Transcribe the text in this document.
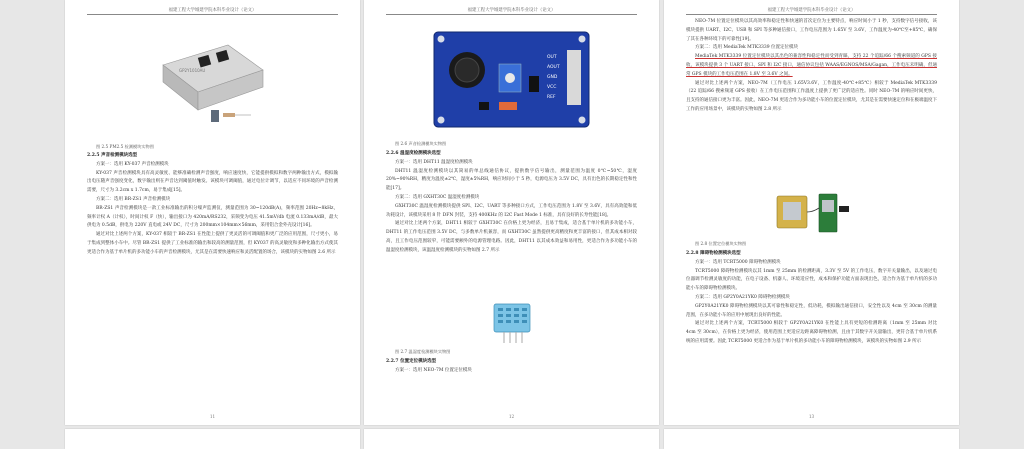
福建工程大学城建学院本科毕业设计（论文）
GP2Y1010AU

图 2.5 PM2.5 检测模块实物图

2.2.5 声音检测模块选型

方案一：选用 KY-037 声音检测模块

KY-037 声音检测模块具有高灵敏度、能够准确检测声音强度，响应速度快，它能提供模拟和数字两种输出方式，模拟输出电压随声音强度变化，数字输出则在声音达到阈值时触发。该模块可调阈值，通过电位计调节，以适应不同环境的声音检测需要，尺寸为 3.2cm x 1.7cm，易于集成[15]。

方案二：选用 BR-ZS1 声音检测模块

BR-ZS1 声音检测模块是一款工业标准输出的积分噪声监测仪，测量范围为 30~120dB(A)，频率范围 20Hz~8kHz，频率计权 A（计权），时间计权 F（快），输出接口为 420mA/RS232，采频变为电压 41.5mV/db 电流 0.133mA/dB，最大供电为 0.5dB，供电为 220V 直电或 24V DC，尺寸为 200mm×104mm×56mm，采用铝合金外壳设计[16]。

通过对比上述两个方案，KY-037 相较于 BR-ZS1 在性能上提供了更灵活的可调阈值和更广泛的应用范围，尺寸更小，易于集成到整体小车中。尽管 BR-ZS1 提供了工业标准的输出和较高的测量范围，但 KY037 的高灵敏度和多种化输出方式使其更适合作为基于单片机的多功能小车的声音检测模块，尤其是在需要快速响应和灵活配置的场合，该模块的实物如图 2.6 所示

11
福建工程大学城建学院本科毕业设计（论文）
OUT
AOUT
GND
VCC
REF

图 2.6 声音检测模块实物图

2.2.6 温湿度检测模块选型

方案一：选用 DHT11 温湿度检测模块

DHT11 温湿度检测模块以其简易的单总线通信协议，提供数字信号输出，测量范围为温度 0℃~50℃，湿度 20%~90%RH，精度为温度±2℃，湿度±5%RH，响应时间小于 5 秒，电源电压为 3.5V DC，具有出色的长期稳定性和性能[17]。

方案二：选用 GXHT30C 温湿度检测模块

GXHT30C 温湿度检测模块提供 SPI、I2C、UART 等多种接口方式，工作电压范围为 1.8V 至 3.6V，具有高效能和低功耗设计，该模块采用 8 针 DFN 封装，支持 400KHz 的 I2C Fast Mode 1 标准，具有良好的长寿性能[18]。

通过对比上述两个方案，DHT11 相较于 GXHT30C 在价格上更为经济，且易于集成，适合基于单片机的多功能小车，DHT11 的工作电压范围 3.5V DC，与多数单片机兼容，而 GXHT30C 虽然提供更高精度和更丰富的接口，但其成本相对较高，且工作电压范围较窄，可能需要额外的电源管理电路。因此，DHT11 以其成本效益和易用性，更适合作为多功能小车的温湿度检测模块，该温湿度检测模块的实物如图 2.7 所示

图 2.7 温湿度检测模块实物图

2.2.7 位置定位模块选型

方案一：选用 NEO-7M 位置定位模块

12
福建工程大学城建学院本科毕业设计（论文）

NEO-7M 位置定位模块以其高效率和稳定性和快速的首次定位为主要特点，响应时间小于 1 秒，支持数字信号接收，该模块提供 UART、I2C、USB 和 SPI 等多种通信接口，工作电压范围为 1.65V 至 3.6V，工作温度为-40℃至+85℃，确保了其在各种环境下的可靠性[19]。

方案二：选用 MediaTek MTK3339 位置定位模块

MediaTek MTK3339 位置定位模块以其出色的兼容性和稳定性而受到青睐，支持 22 个追踪/66 个搜索频道的 GPS 接收，该模块提供 3 个 UART 接口、SPI 和 I2C 接口，通信协议包括 WAAS/EGNOS/MSA/Gagan，工作电压未明确，但通常 GPS 模块的工作电压范围在 1.8V 至 3.6V 之间。

通过对比上述两个方案，NEO-7M（工作电压 1.65V3.6V，工作温度-40℃+85℃）相较于 MediaTek MTK3339（22 追踪/66 搜索频道 GPS 接收）在工作电压范围和工作温度上提供了更广泛的适应性。同时 NEO-7M 的响应时间更快，且支持的通信接口更为丰富。因此，NEO-7M 更适合作为多功能小车的位置定位模块，尤其是在需要快速定位和在极端温度下工作的应用场景中，该模块的实物如图 2.8 所示

图 2.8 位置定位模块实物图

2.2.8 障碍物检测模块选型

方案一：选用 TCRT5000 障碍物检测模块

TCRT5000 障碍物检测模块以其 1mm 至 25mm 的检测距离，3.3V 至 5V 的工作电压，数字开关量输出，以及通过电位器调节检测灵敏度的功能，在电子设备、机器人、环境适应性，成本和保护功能方面表现出色，适合作为基于单片机的多功能小车的障碍物检测模块。

方案二：选用 GP2Y0A21YK0 障碍物检测模块

GP2Y0A21YK0 障碍物检测模块以其可靠性和稳定性，低功耗，模拟输出通信接口，安全性以及 4cm 至 30cm 的测量范围，在多功能小车的应用中展现出良好的性能。

通过对比上述两个方案，TCRT5000 相较于 GP2Y0A21YK0 在性能上具有更短的检测距离（1mm 至 25mm 对比 4cm 至 30cm），在价格上更为经济，使用范围上更适应边距离障碍物检测，且由于其数字开关量输出，更符合基于单片机系统的应用需要。因此 TCRT5000 更适合作为基于单片机的多功能小车的障碍物检测模块，该模块的实物如图 2.9 所示

13
